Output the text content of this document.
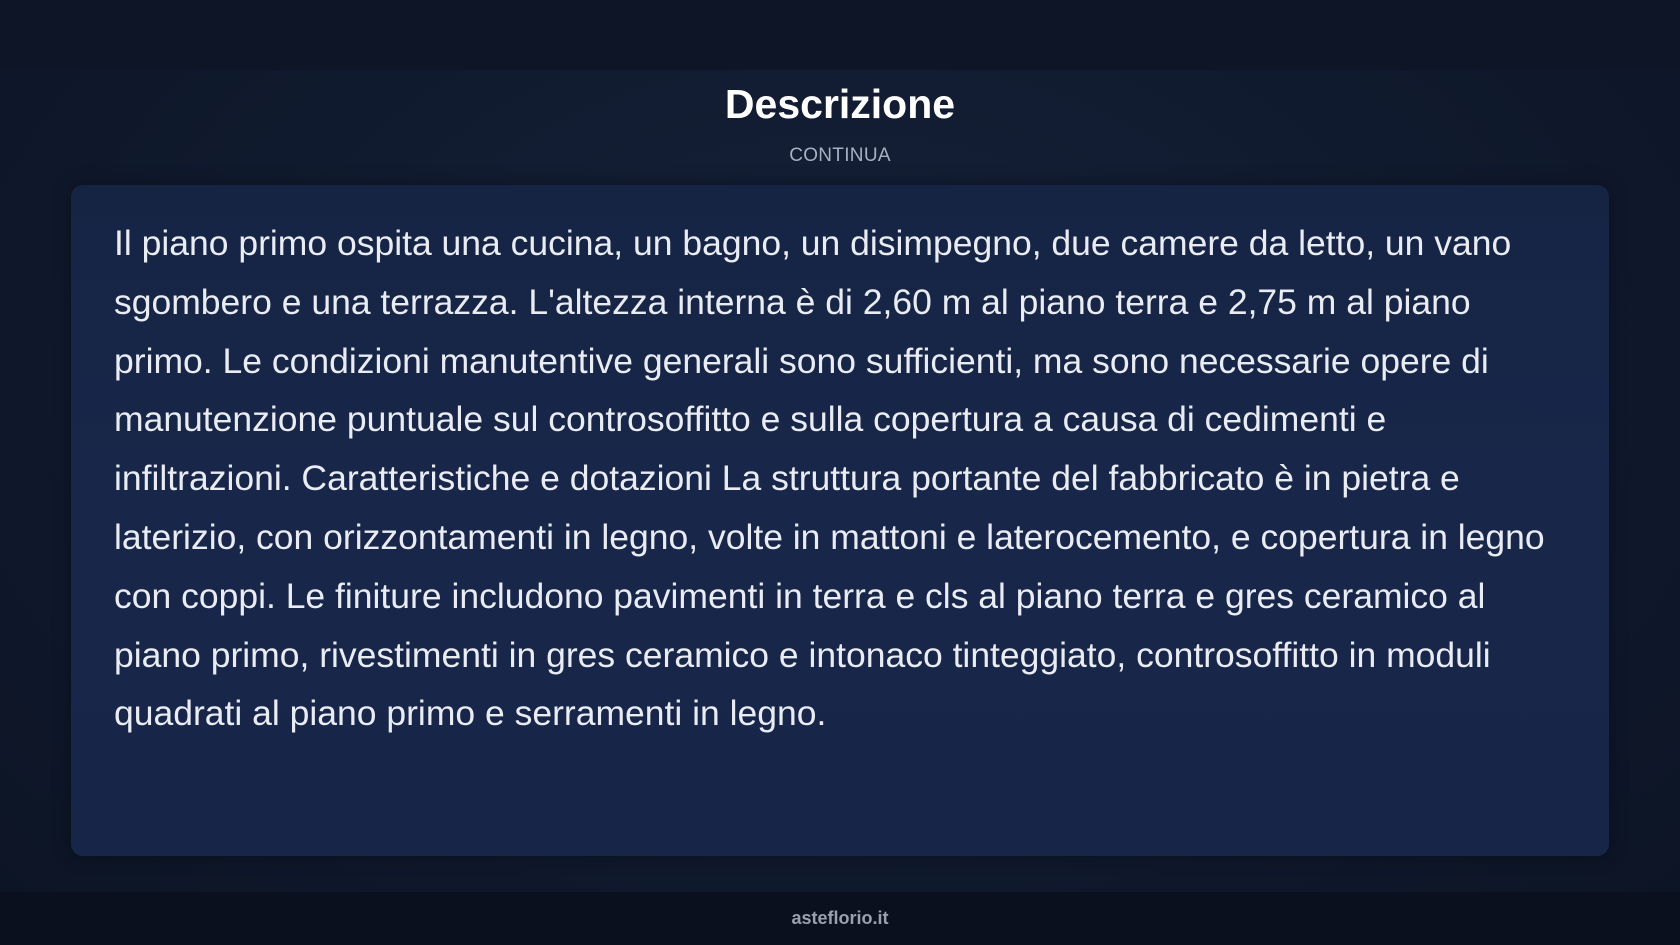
Descrizione
CONTINUA

Il piano primo ospita una cucina, un bagno, un disimpegno, due camere da letto, un vano sgombero e una terrazza. L'altezza interna è di 2,60 m al piano terra e 2,75 m al piano primo. Le condizioni manutentive generali sono sufficienti, ma sono necessarie opere di manutenzione puntuale sul controsoffitto e sulla copertura a causa di cedimenti e infiltrazioni. Caratteristiche e dotazioni La struttura portante del fabbricato è in pietra e laterizio, con orizzontamenti in legno, volte in mattoni e laterocemento, e copertura in legno con coppi. Le finiture includono pavimenti in terra e cls al piano terra e gres ceramico al piano primo, rivestimenti in gres ceramico e intonaco tinteggiato, controsoffitto in moduli quadrati al piano primo e serramenti in legno.

asteflorio.it
